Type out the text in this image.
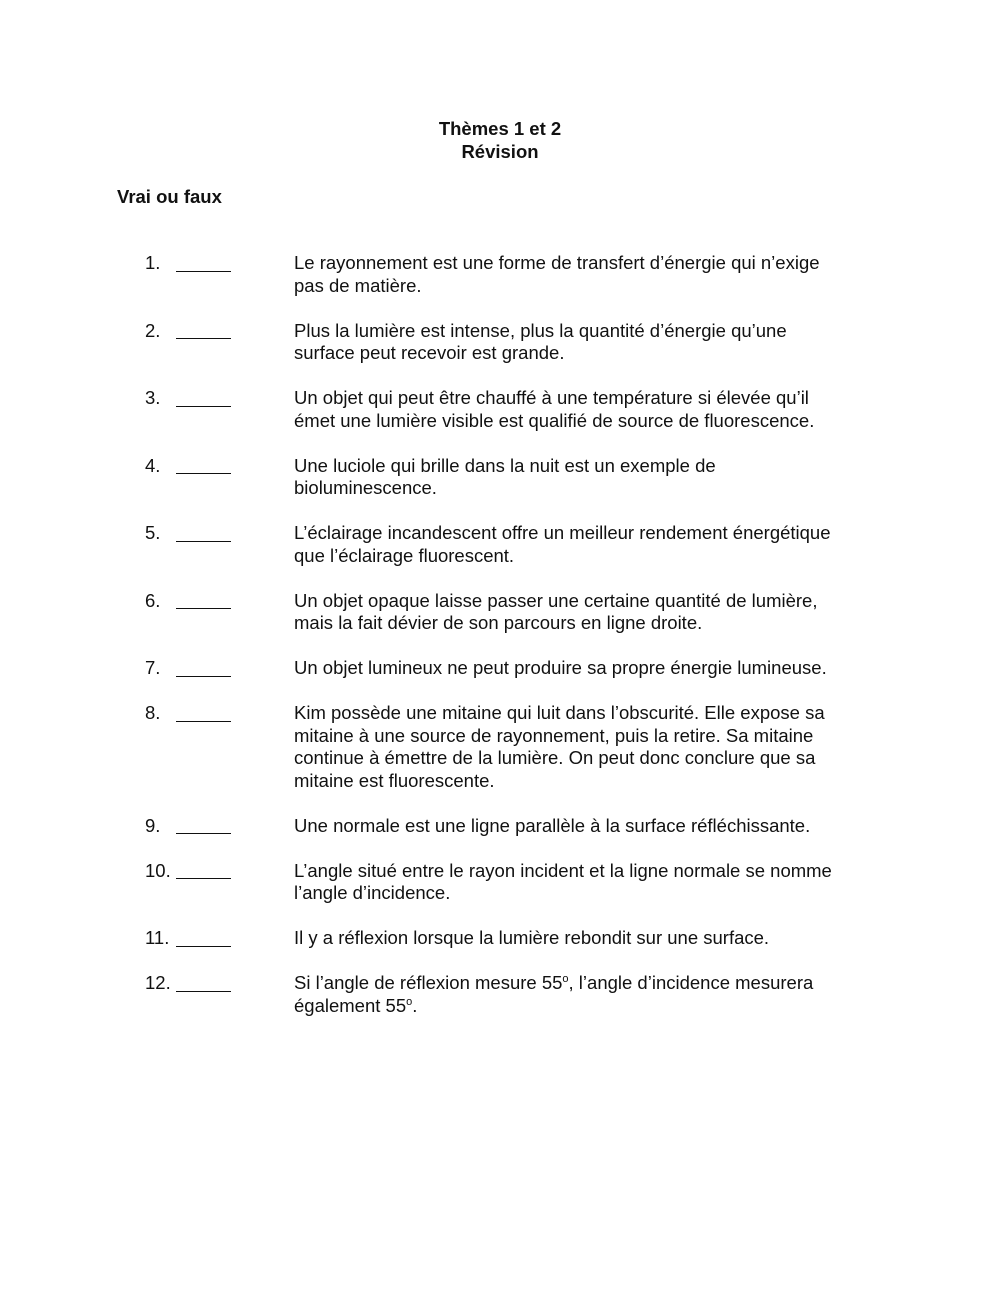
Thèmes 1 et 2
Révision
Vrai ou faux
1.	Le rayonnement est une forme de transfert d’énergie qui n’exige
pas de matière.
2.	Plus la lumière est intense, plus la quantité d’énergie qu’une
surface peut recevoir est grande.
3.	Un objet qui peut être chauffé à une température si élevée qu’il
émet une lumière visible est qualifié de source de fluorescence.
4.	Une luciole qui brille dans la nuit est un exemple de
bioluminescence.
5.	L’éclairage incandescent offre un meilleur rendement énergétique
que l’éclairage fluorescent.
6.	Un objet opaque laisse passer une certaine quantité de lumière,
mais la fait dévier de son parcours en ligne droite.
7.	Un objet lumineux ne peut produire sa propre énergie lumineuse.
8.	Kim possède une mitaine qui luit dans l’obscurité. Elle expose sa
mitaine à une source de rayonnement, puis la retire. Sa mitaine
continue à émettre de la lumière. On peut donc conclure que sa
mitaine est fluorescente.
9.	Une normale est une ligne parallèle à la surface réfléchissante.
10.	L’angle situé entre le rayon incident et la ligne normale se nomme
l’angle d’incidence.
11.	Il y a réflexion lorsque la lumière rebondit sur une surface.
12.	Si l’angle de réflexion mesure 55$^o$, l’angle d’incidence mesurera
également 55$^o$.
